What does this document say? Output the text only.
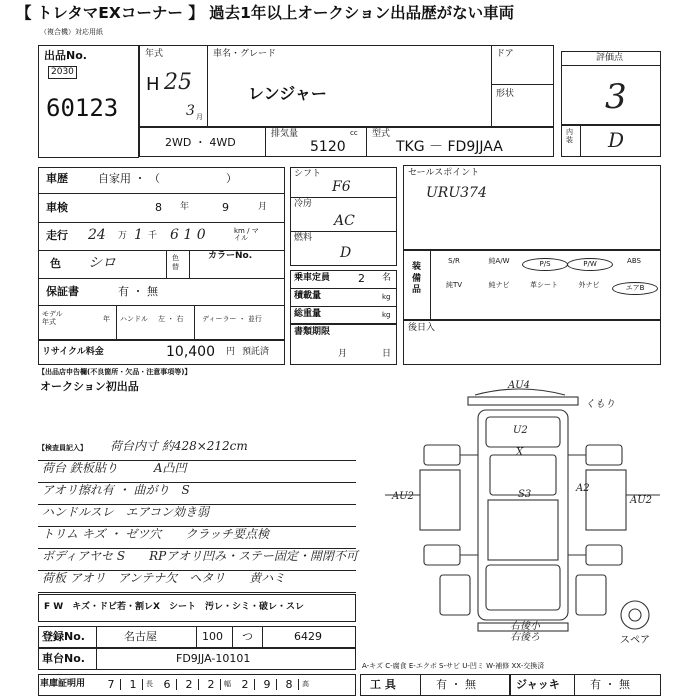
【 トレタマEXコーナー 】 過去1年以上オークション出品歴がない車両
（複合機）対応用紙
出品No.
2030
60123
年式
H 25
3 月
車名・グレード
レンジャー
ドア
形状
2WD ・ 4WD
排気量	cc
5120
型式
TKG － FD9JJAA
評価点
3
内装 D
車歴	自家用 ・ （　　　　　　）
車検	8 年	9	月
走行 24 万 1 千 6 1 0	km / マイル
色 シロ	色替
カラーNo.
保証書	有 ・ 無
モデル年式	年 ハンドル 左 ・ 右	ディーラー ・ 並行
リサイクル料金	10,400 円 預託済
シフト
F6
冷房
AC
燃料
D
乗車定員	2 名
積載量	kg
総重量	kg
書類期限
月	日
セールスポイント
URU374
装備品
S/R	純A/W	P/S	P/W	ABS
純TV	純ナビ	革シート	外ナビ	エアB
後日入
【出品店申告欄(不良箇所・欠品・注意事項等)】
オークション初出品
【検査員記入】 荷台内寸 約428×212cm
荷台 鉄板貼り　　　A凸凹
アオリ擦れ有 ・ 曲がり　S
ハンドルスレ　エアコン効き弱
トリム キズ ・ ゼツ穴　　クラッチ要点検
ボディアヤセ S　　RPアオリ凹み・ステー固定・開閉不可
荷板 アオリ　アンテナ欠　ヘタリ　　黄ハミ
F W　キズ・ドビ若・割レX　シート　汚レ・シミ・破レ・スレ
AU4
U2
X
S3
AU2
A2
AU2
くもり
右後ろ
右後小
スペア
登録No.	名古屋	100 つ	6429
車台No.	FD9JJA-10101
車庫証明用	7	1	長 6	2	2	幅 2	9	8	高
A-キズ C-腐食 E-エクボ S-サビ U-凹ミ W-補修 XX-交換済
工 具	有 ・ 無	ジャッキ	有 ・ 無
